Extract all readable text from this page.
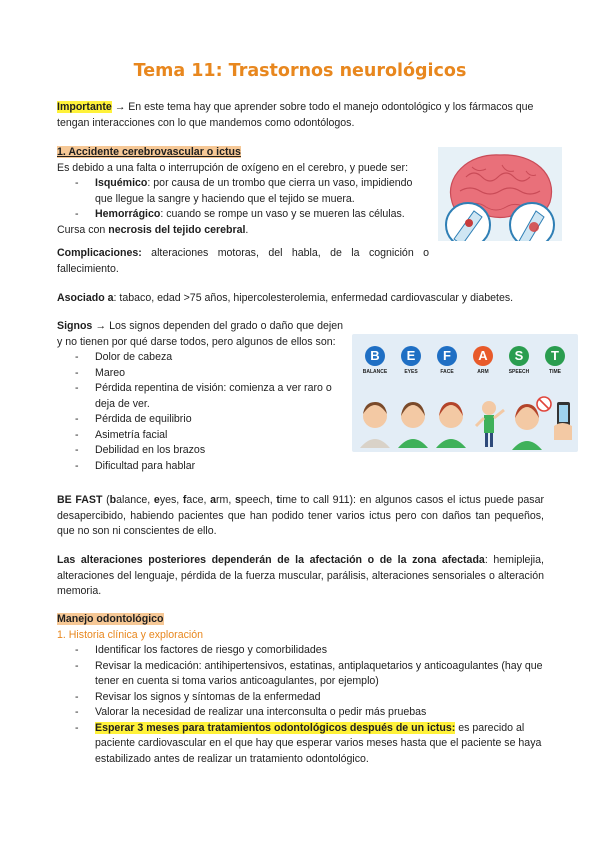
Tema 11: Trastornos neurológicos
Importante → En este tema hay que aprender sobre todo el manejo odontológico y los fármacos que tengan interacciones con lo que mandemos como odontólogos.
1. Accidente cerebrovascular o ictus
Es debido a una falta o interrupción de oxígeno en el cerebro, y puede ser:
- Isquémico: por causa de un trombo que cierra un vaso, impidiendo que llegue la sangre y haciendo que el tejido se muera.
- Hemorrágico: cuando se rompe un vaso y se mueren las células.
Cursa con necrosis del tejido cerebral.
Complicaciones: alteraciones motoras, del habla, de la cognición o fallecimiento.
Asociado a: tabaco, edad >75 años, hipercolesterolemia, enfermedad cardiovascular y diabetes.
Signos → Los signos dependen del grado o daño que dejen y no tienen por qué darse todos, pero algunos de ellos son:
- Dolor de cabeza
- Mareo
- Pérdida repentina de visión: comienza a ver raro o deja de ver.
- Pérdida de equilibrio
- Asimetría facial
- Debilidad en los brazos
- Dificultad para hablar
B
BALANCE
E
EYES
F
FACE
A
ARM
S
SPEECH
T
TIME
BE FAST (balance, eyes, face, arm, speech, time to call 911): en algunos casos el ictus puede pasar desapercibido, habiendo pacientes que han podido tener varios ictus pero con daños tan pequeños, que no son ni conscientes de ello.
Las alteraciones posteriores dependerán de la afectación o de la zona afectada: hemiplejia, alteraciones del lenguaje, pérdida de la fuerza muscular, parálisis, alteraciones sensoriales o alteración memoria.
Manejo odontológico
1. Historia clínica y exploración
- Identificar los factores de riesgo y comorbilidades
- Revisar la medicación: antihipertensivos, estatinas, antiplaquetarios y anticoagulantes (hay que tener en cuenta si toma varios anticoagulantes, por ejemplo)
- Revisar los signos y síntomas de la enfermedad
- Valorar la necesidad de realizar una interconsulta o pedir más pruebas
- Esperar 3 meses para tratamientos odontológicos después de un ictus: es parecido al paciente cardiovascular en el que hay que esperar varios meses hasta que el paciente se haya estabilizado antes de realizar un tratamiento odontológico.
